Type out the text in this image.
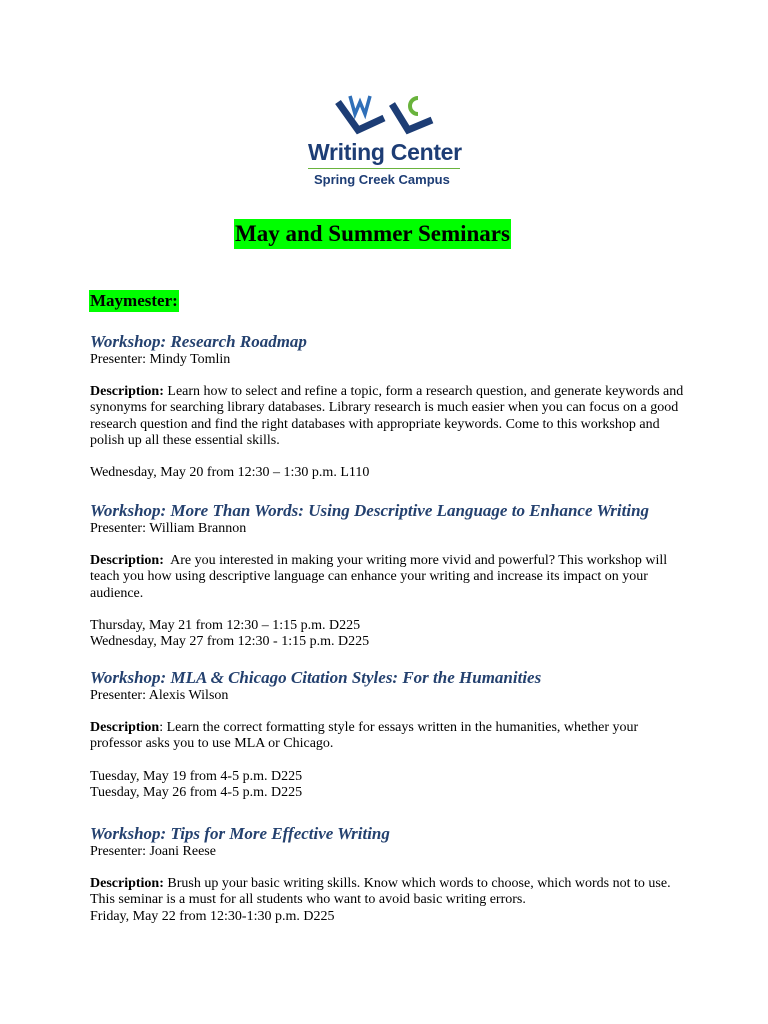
Writing Center
Spring Creek Campus
May and Summer Seminars
Maymester:
Workshop: Research Roadmap
Presenter: Mindy Tomlin

Description: Learn how to select and refine a topic, form a research question, and generate keywords and synonyms for searching library databases. Library research is much easier when you can focus on a good research question and find the right databases with appropriate keywords. Come to this workshop and polish up all these essential skills.

Wednesday, May 20 from 12:30 – 1:30 p.m. L110
Workshop: More Than Words: Using Descriptive Language to Enhance Writing
Presenter: William Brannon

Description: Are you interested in making your writing more vivid and powerful? This workshop will teach you how using descriptive language can enhance your writing and increase its impact on your audience.

Thursday, May 21 from 12:30 – 1:15 p.m. D225
Wednesday, May 27 from 12:30 - 1:15 p.m. D225
Workshop: MLA & Chicago Citation Styles: For the Humanities
Presenter: Alexis Wilson

Description: Learn the correct formatting style for essays written in the humanities, whether your professor asks you to use MLA or Chicago.

Tuesday, May 19 from 4-5 p.m. D225
Tuesday, May 26 from 4-5 p.m. D225
Workshop: Tips for More Effective Writing
Presenter: Joani Reese

Description: Brush up your basic writing skills. Know which words to choose, which words not to use. This seminar is a must for all students who want to avoid basic writing errors.

Friday, May 22 from 12:30-1:30 p.m. D225
